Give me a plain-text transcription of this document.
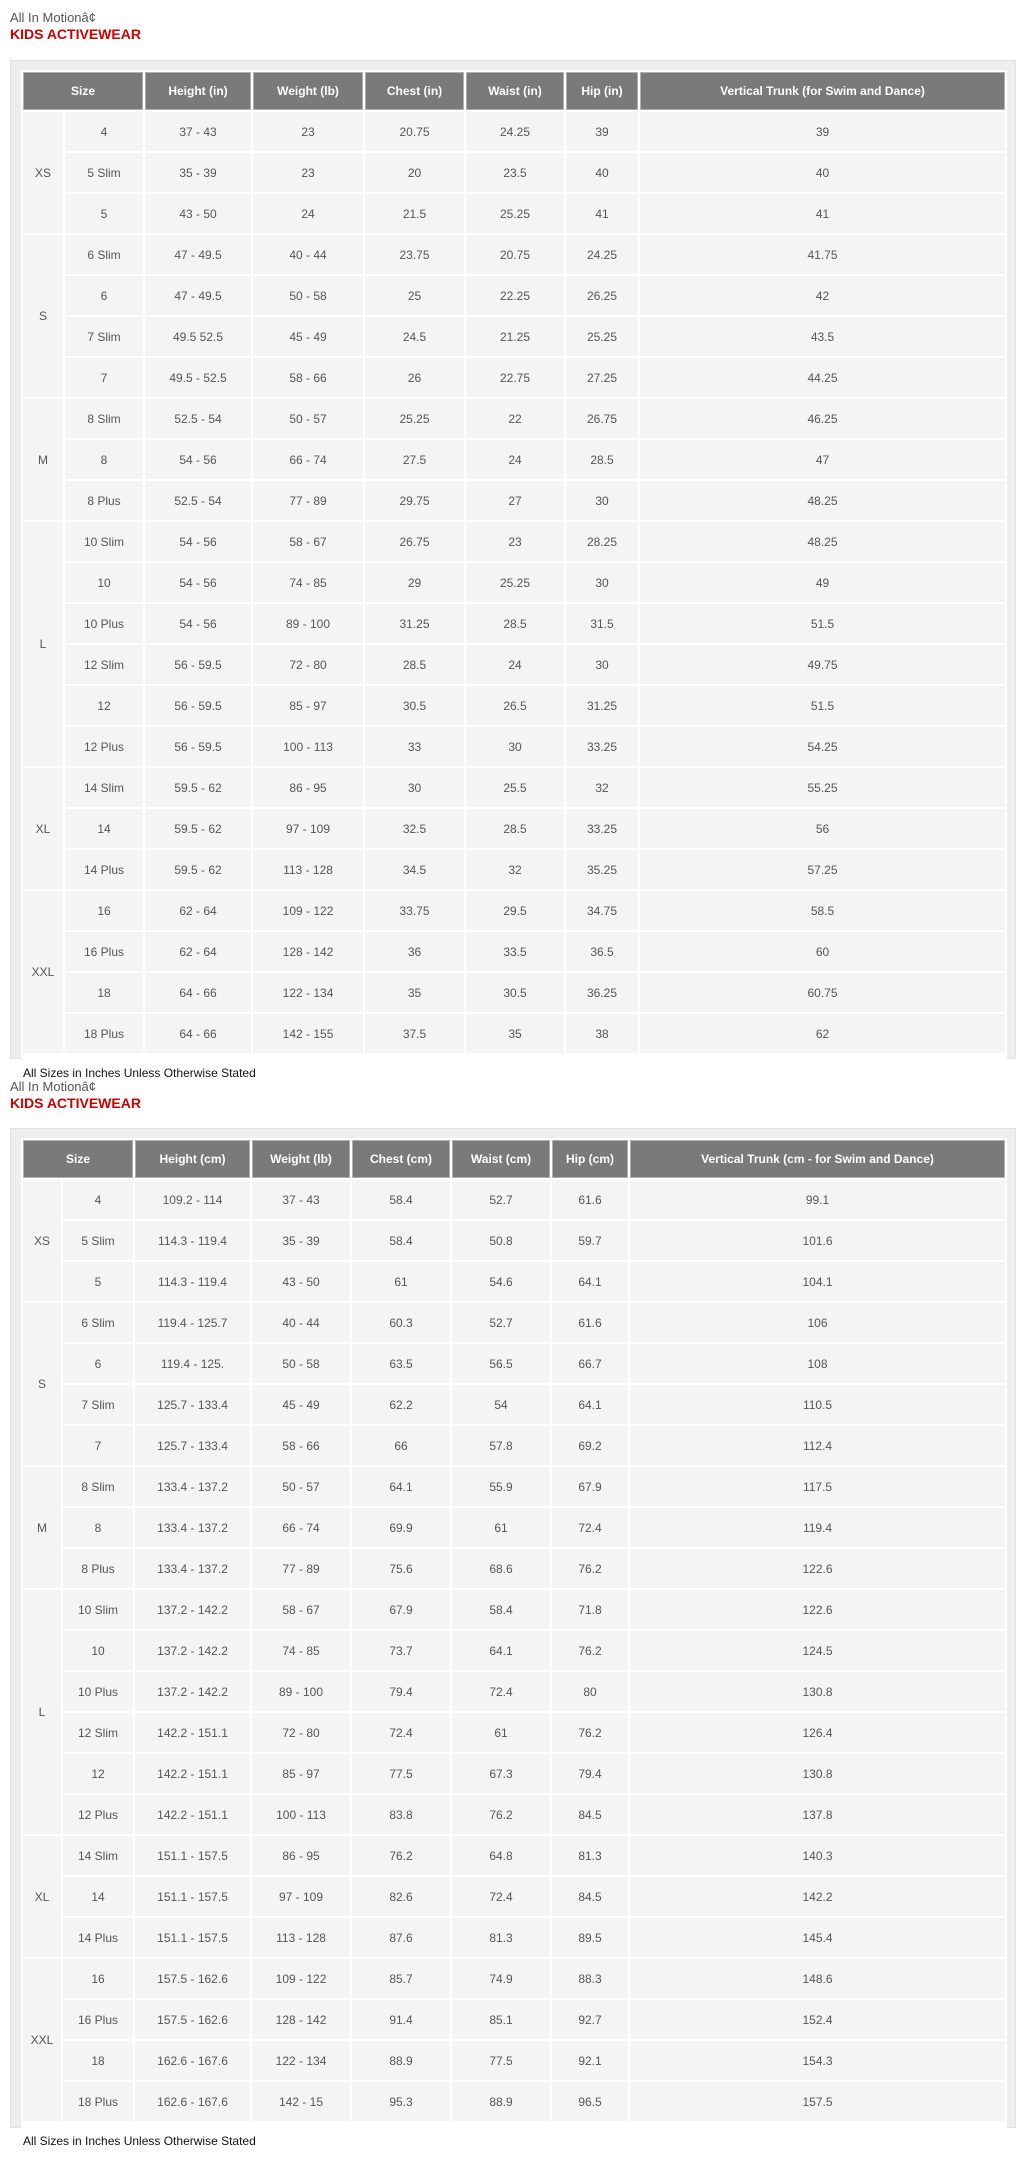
All In Motionâ¢
KIDS ACTIVEWEAR
Size		Height (in)	Weight (lb)	Chest (in)	Waist (in)	Hip (in)	Vertical Trunk (for Swim and Dance)
XS	4	37 - 43	23	20.75	24.25	39	39
	5 Slim	35 - 39	23	20	23.5	40	40
	5	43 - 50	24	21.5	25.25	41	41
S	6 Slim	47 - 49.5	40 - 44	23.75	20.75	24.25	41.75
	6	47 - 49.5	50 - 58	25	22.25	26.25	42
	7 Slim	49.5 52.5	45 - 49	24.5	21.25	25.25	43.5
	7	49.5 - 52.5	58 - 66	26	22.75	27.25	44.25
M	8 Slim	52.5 - 54	50 - 57	25.25	22	26.75	46.25
	8	54 - 56	66 - 74	27.5	24	28.5	47
	8 Plus	52.5 - 54	77 - 89	29.75	27	30	48.25
L	10 Slim	54 - 56	58 - 67	26.75	23	28.25	48.25
	10	54 - 56	74 - 85	29	25.25	30	49
	10 Plus	54 - 56	89 - 100	31.25	28.5	31.5	51.5
	12 Slim	56 - 59.5	72 - 80	28.5	24	30	49.75
	12	56 - 59.5	85 - 97	30.5	26.5	31.25	51.5
	12 Plus	56 - 59.5	100 - 113	33	30	33.25	54.25
XL	14 Slim	59.5 - 62	86 - 95	30	25.5	32	55.25
	14	59.5 - 62	97 - 109	32.5	28.5	33.25	56
	14 Plus	59.5 - 62	113 - 128	34.5	32	35.25	57.25
XXL	16	62 - 64	109 - 122	33.75	29.5	34.75	58.5
	16 Plus	62 - 64	128 - 142	36	33.5	36.5	60
	18	64 - 66	122 - 134	35	30.5	36.25	60.75
	18 Plus	64 - 66	142 - 155	37.5	35	38	62
All Sizes in Inches Unless Otherwise Stated
All In Motionâ¢
KIDS ACTIVEWEAR
Size		Height (cm)	Weight (lb)	Chest (cm)	Waist (cm)	Hip (cm)	Vertical Trunk (cm - for Swim and Dance)
XS	4	109.2 - 114	37 - 43	58.4	52.7	61.6	99.1
	5 Slim	114.3 - 119.4	35 - 39	58.4	50.8	59.7	101.6
	5	114.3 - 119.4	43 - 50	61	54.6	64.1	104.1
S	6 Slim	119.4 - 125.7	40 - 44	60.3	52.7	61.6	106
	6	119.4 - 125.	50 - 58	63.5	56.5	66.7	108
	7 Slim	125.7 - 133.4	45 - 49	62.2	54	64.1	110.5
	7	125.7 - 133.4	58 - 66	66	57.8	69.2	112.4
M	8 Slim	133.4 - 137.2	50 - 57	64.1	55.9	67.9	117.5
	8	133.4 - 137.2	66 - 74	69.9	61	72.4	119.4
	8 Plus	133.4 - 137.2	77 - 89	75.6	68.6	76.2	122.6
L	10 Slim	137.2 - 142.2	58 - 67	67.9	58.4	71.8	122.6
	10	137.2 - 142.2	74 - 85	73.7	64.1	76.2	124.5
	10 Plus	137.2 - 142.2	89 - 100	79.4	72.4	80	130.8
	12 Slim	142.2 - 151.1	72 - 80	72.4	61	76.2	126.4
	12	142.2 - 151.1	85 - 97	77.5	67.3	79.4	130.8
	12 Plus	142.2 - 151.1	100 - 113	83.8	76.2	84.5	137.8
XL	14 Slim	151.1 - 157.5	86 - 95	76.2	64.8	81.3	140.3
	14	151.1 - 157.5	97 - 109	82.6	72.4	84.5	142.2
	14 Plus	151.1 - 157.5	113 - 128	87.6	81.3	89.5	145.4
XXL	16	157.5 - 162.6	109 - 122	85.7	74.9	88.3	148.6
	16 Plus	157.5 - 162.6	128 - 142	91.4	85.1	92.7	152.4
	18	162.6 - 167.6	122 - 134	88.9	77.5	92.1	154.3
	18 Plus	162.6 - 167.6	142 - 15	95.3	88.9	96.5	157.5
All Sizes in Inches Unless Otherwise Stated
